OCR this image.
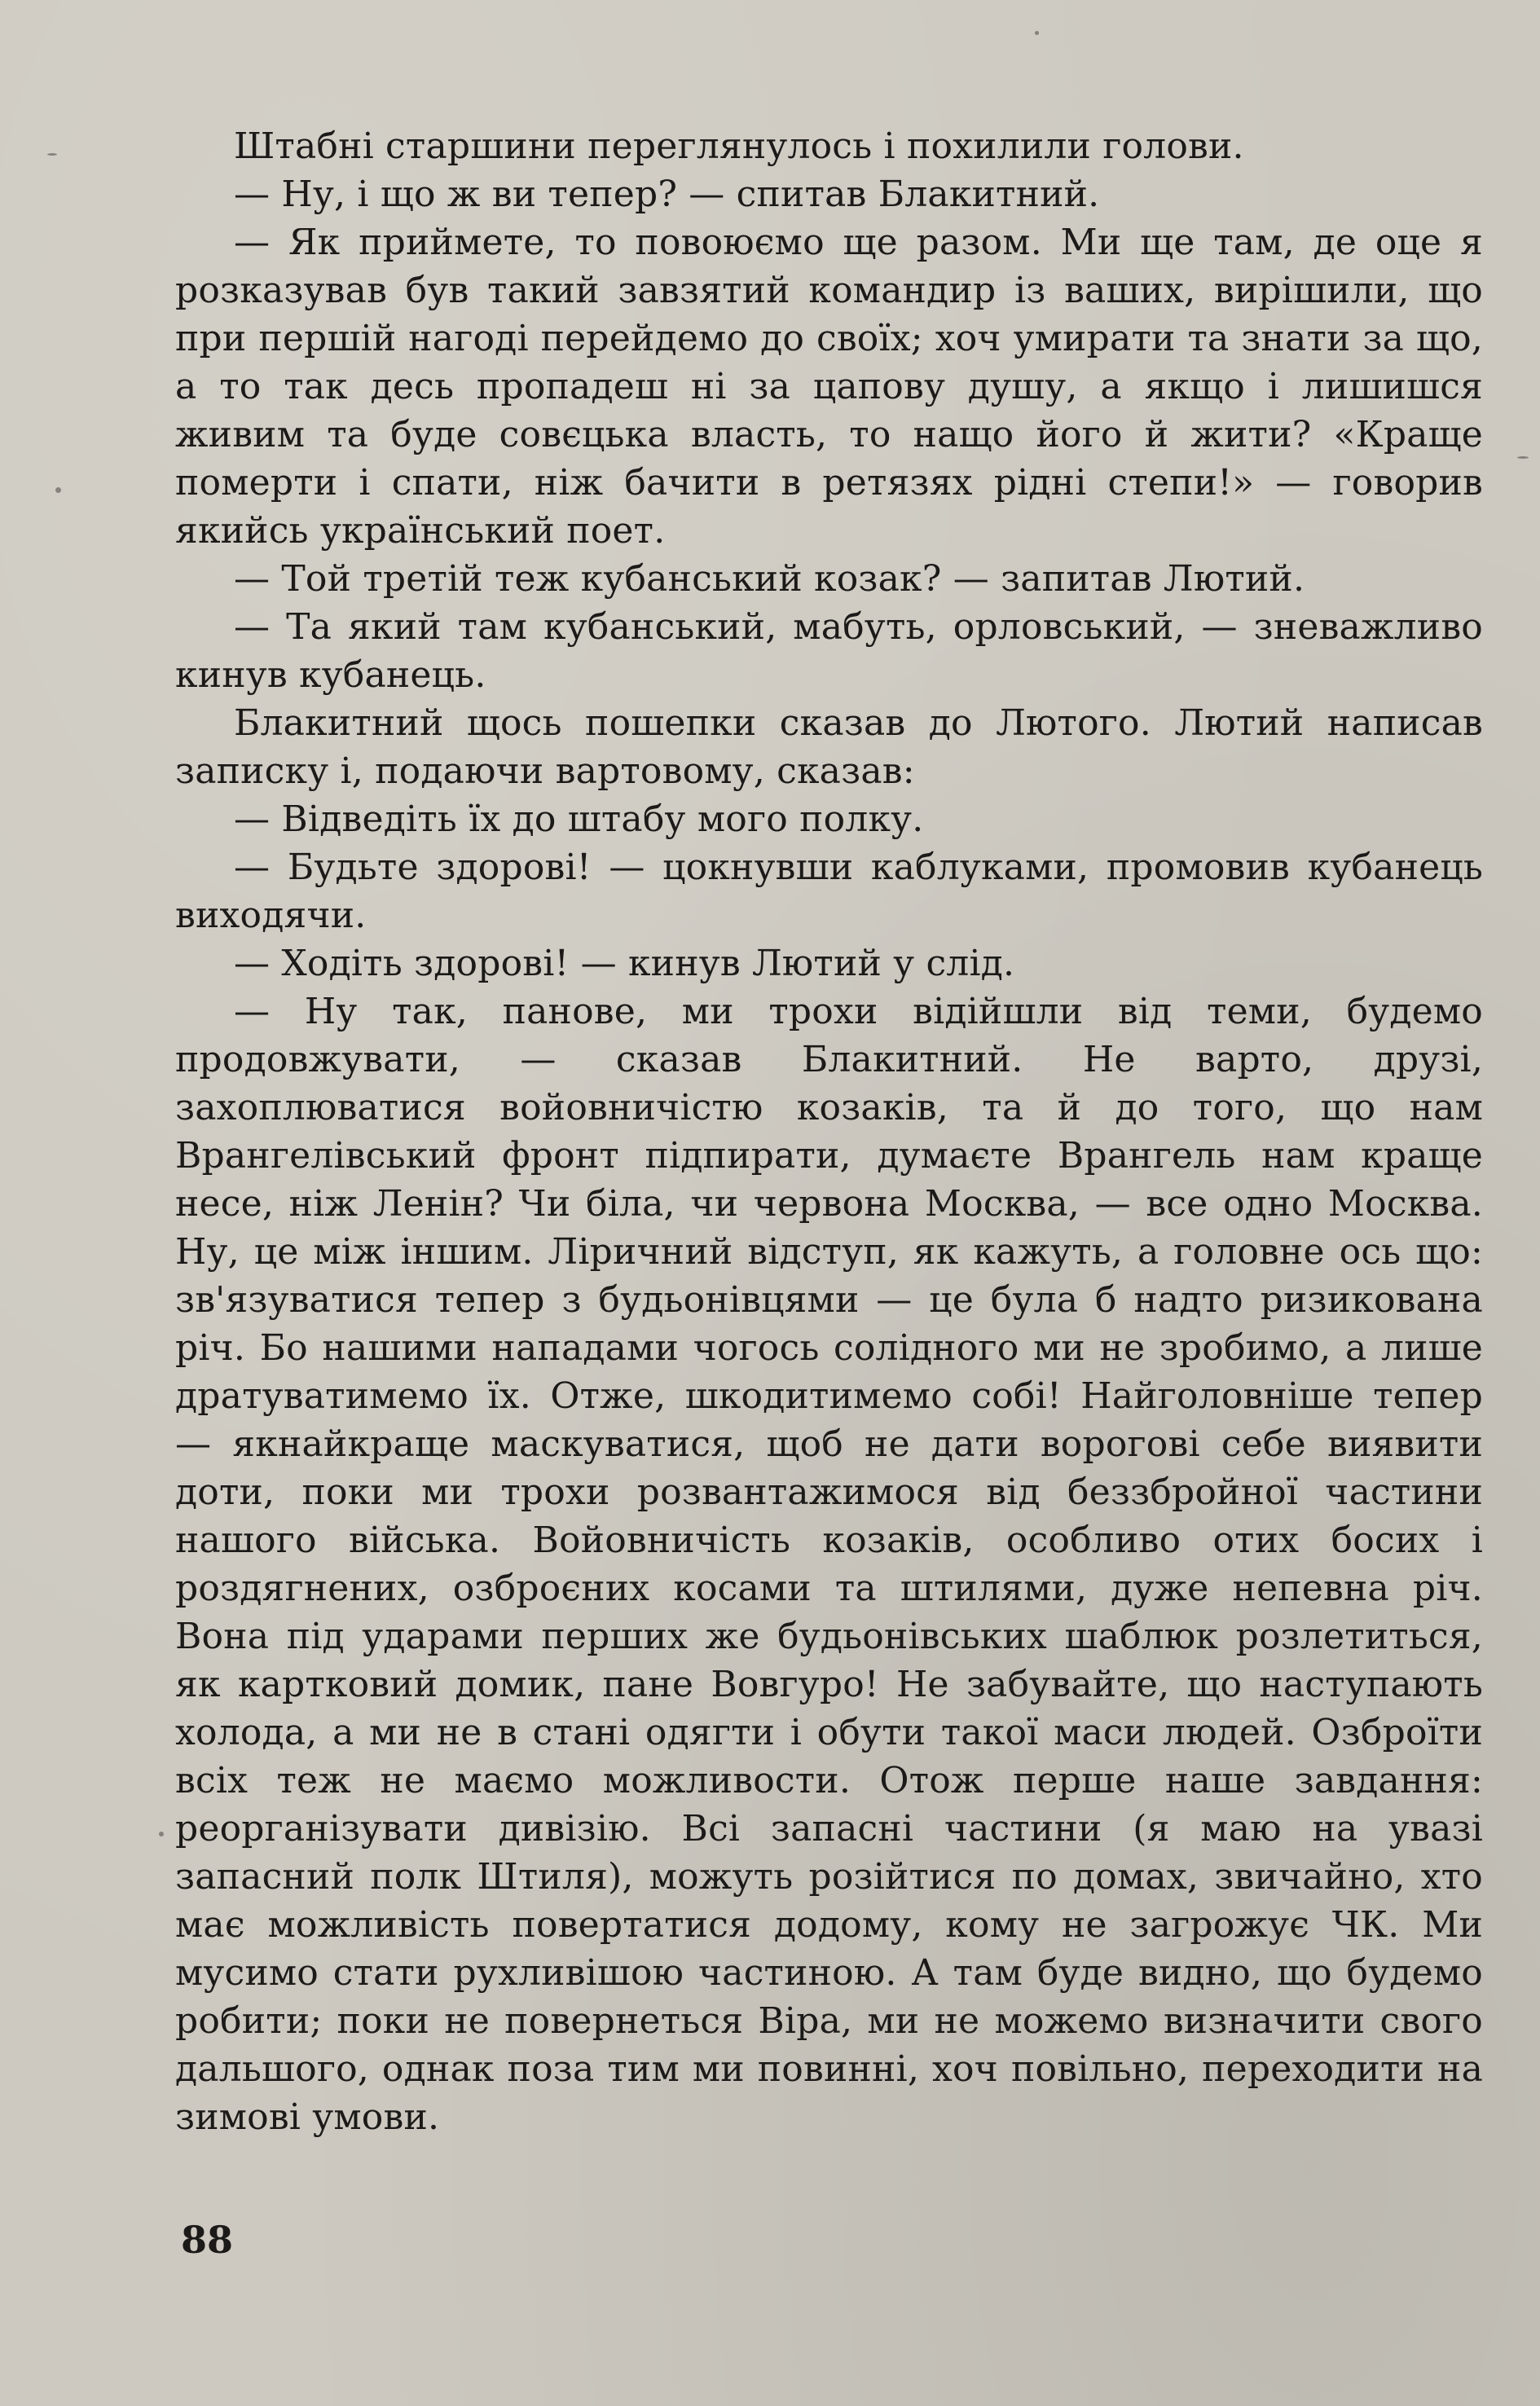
Штабні старшини переглянулось і похилили голови.

— Ну, і що ж ви тепер? — спитав Блакитний.

— Як приймете, то повоюємо ще разом. Ми ще там, де оце я розказував був такий завзятий командир із ваших, вирішили, що при першій нагоді перейдемо до своїх; хоч умирати та знати за що, а то так десь пропадеш ні за цапову душу, а якщо і лишишся живим та буде совєцька власть, то нащо його й жити? «Краще померти і спати, ніж бачити в ретязях рідні степи!» — говорив якийсь український поет.

— Той третій теж кубанський козак? — запитав Лютий.

— Та який там кубанський, мабуть, орловський, — зневажливо кинув кубанець.

Блакитний щось пошепки сказав до Лютого. Лютий написав записку і, подаючи вартовому, сказав:

— Відведіть їх до штабу мого полку.

— Будьте здорові! — цокнувши каблуками, промовив кубанець виходячи.

— Ходіть здорові! — кинув Лютий у слід.

— Ну так, панове, ми трохи відійшли від теми, будемо продовжувати, — сказав Блакитний. Не варто, друзі, захоплюватися войовничістю козаків, та й до того, що нам Врангелівський фронт підпирати, думаєте Врангель нам краще несе, ніж Ленін? Чи біла, чи червона Москва, — все одно Москва. Ну, це між іншим. Ліричний відступ, як кажуть, а головне ось що: зв'язуватися тепер з будьонівцями — це була б надто ризикована річ. Бо нашими нападами чогось солідного ми не зробимо, а лише дратуватимемо їх. Отже, шкодитимемо собі! Найголовніше тепер — якнайкраще маскуватися, щоб не дати ворогові себе виявити доти, поки ми трохи розвантажимося від беззбройної частини нашого війська. Войовничість козаків, особливо отих босих і роздягнених, озброєних косами та штилями, дуже непевна річ. Вона під ударами перших же будьонівських шаблюк розлетиться, як картковий домик, пане Вовгуро! Не забувайте, що наступають холода, а ми не в стані одягти і обути такої маси людей. Озброїти всіх теж не маємо можливости. Отож перше наше завдання: реорганізувати дивізію. Всі запасні частини (я маю на увазі запасний полк Штиля), можуть розійтися по домах, звичайно, хто має можливість повертатися додому, кому не загрожує ЧК. Ми мусимо стати рухливішою частиною. А там буде видно, що будемо робити; поки не повернеться Віра, ми не можемо визначити свого дальшого, однак поза тим ми повинні, хоч повільно, переходити на зимові умови.

88
